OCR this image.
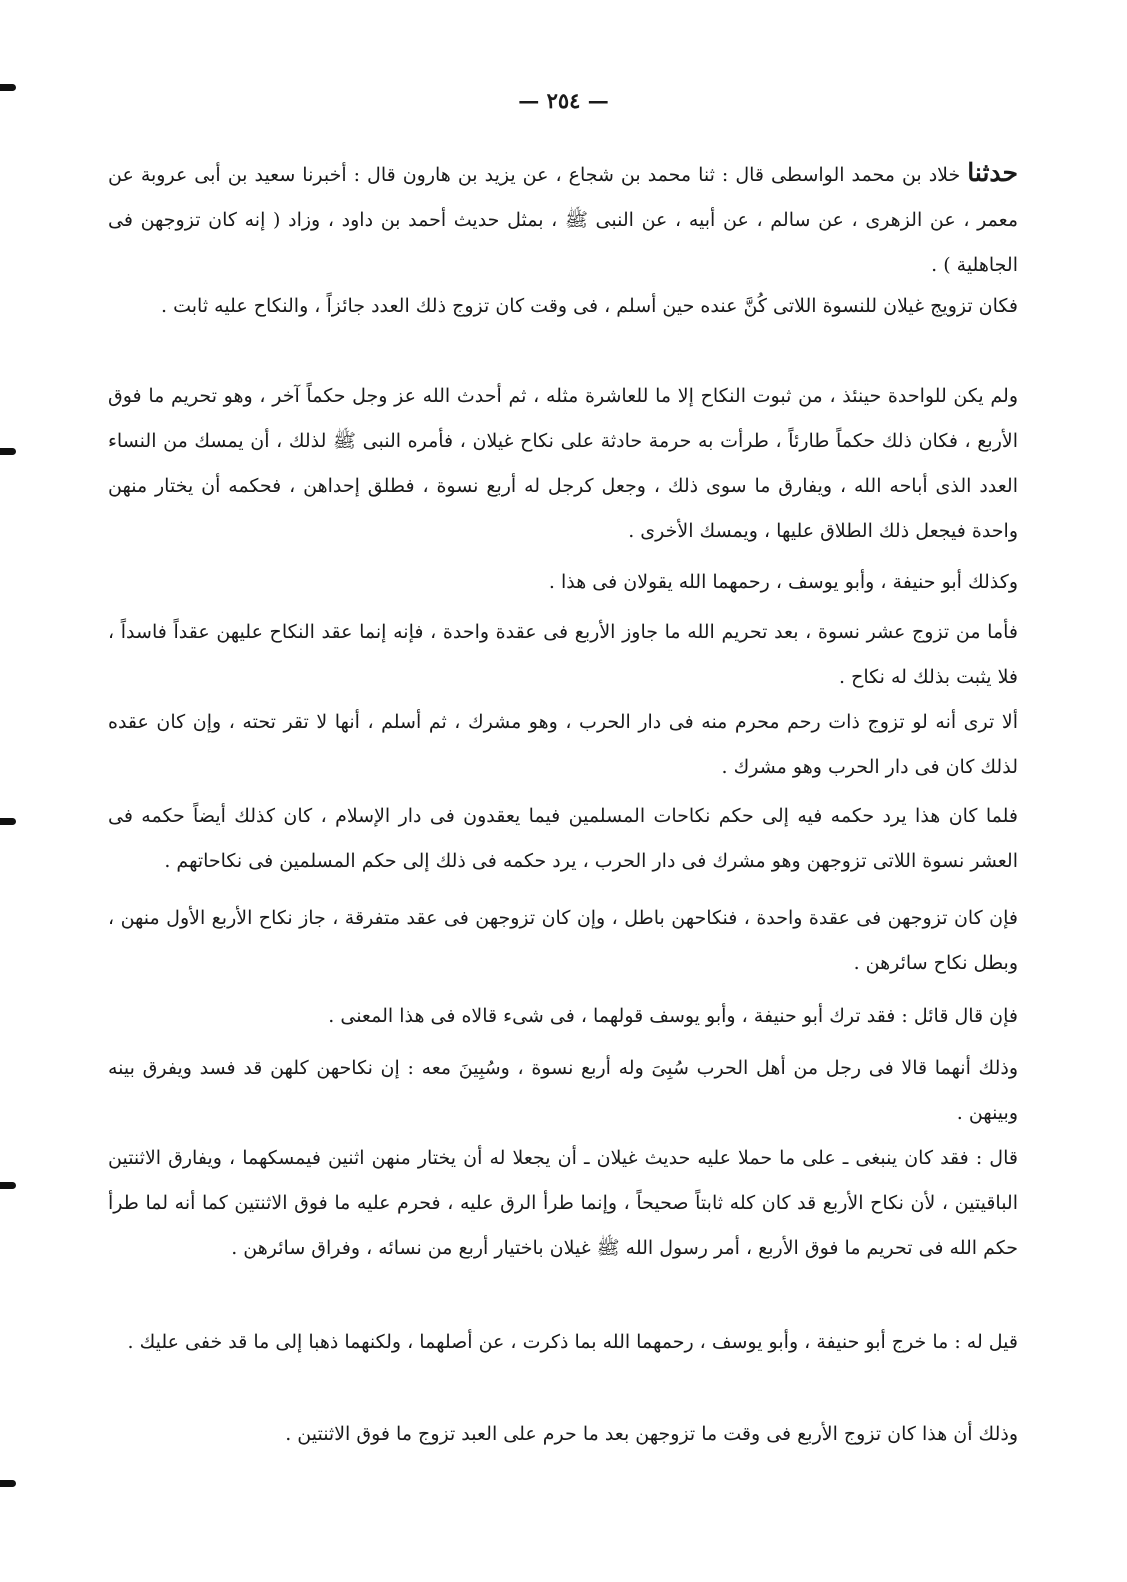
— ٢٥٤ —
حدثنا خلاد بن محمد الواسطى قال : ثنا محمد بن شجاع ، عن يزيد بن هارون قال : أخبرنا سعيد بن أبى عروبة عن معمر ، عن الزهرى ، عن سالم ، عن أبيه ، عن النبى ﷺ ، بمثل حديث أحمد بن داود ، وزاد ( إنه كان تزوجهن فى الجاهلية ) .
فكان تزويج غيلان للنسوة اللاتى كُنَّ عنده حين أسلم ، فى وقت كان تزوج ذلك العدد جائزاً ، والنكاح عليه ثابت .
ولم يكن للواحدة حينئذ ، من ثبوت النكاح إلا ما للعاشرة مثله ، ثم أحدث الله عز وجل حكماً آخر ، وهو تحريم ما فوق الأربع ، فكان ذلك حكماً طارئاً ، طرأت به حرمة حادثة على نكاح غيلان ، فأمره النبى ﷺ لذلك ، أن يمسك من النساء العدد الذى أباحه الله ، ويفارق ما سوى ذلك ، وجعل كرجل له أربع نسوة ، فطلق إحداهن ، فحكمه أن يختار منهن واحدة فيجعل ذلك الطلاق عليها ، ويمسك الأخرى .
وكذلك أبو حنيفة ، وأبو يوسف ، رحمهما الله يقولان فى هذا .
فأما من تزوج عشر نسوة ، بعد تحريم الله ما جاوز الأربع فى عقدة واحدة ، فإنه إنما عقد النكاح عليهن عقداً فاسداً ، فلا يثبت بذلك له نكاح .
ألا ترى أنه لو تزوج ذات رحم محرم منه فى دار الحرب ، وهو مشرك ، ثم أسلم ، أنها لا تقر تحته ، وإن كان عقده لذلك كان فى دار الحرب وهو مشرك .
فلما كان هذا يرد حكمه فيه إلى حكم نكاحات المسلمين فيما يعقدون فى دار الإسلام ، كان كذلك أيضاً حكمه فى العشر نسوة اللاتى تزوجهن وهو مشرك فى دار الحرب ، يرد حكمه فى ذلك إلى حكم المسلمين فى نكاحاتهم .
فإن كان تزوجهن فى عقدة واحدة ، فنكاحهن باطل ، وإن كان تزوجهن فى عقد متفرقة ، جاز نكاح الأربع الأول منهن ، وبطل نكاح سائرهن .
فإن قال قائل : فقد ترك أبو حنيفة ، وأبو يوسف قولهما ، فى شىء قالاه فى هذا المعنى .
وذلك أنهما قالا فى رجل من أهل الحرب سُبِىَ وله أربع نسوة ، وسُبِينَ معه : إن نكاحهن كلهن قد فسد ويفرق بينه وبينهن .
قال : فقد كان ينبغى ـ على ما حملا عليه حديث غيلان ـ أن يجعلا له أن يختار منهن اثنين فيمسكهما ، ويفارق الاثنتين الباقيتين ، لأن نكاح الأربع قد كان كله ثابتاً صحيحاً ، وإنما طرأ الرق عليه ، فحرم عليه ما فوق الاثنتين كما أنه لما طرأ حكم الله فى تحريم ما فوق الأربع ، أمر رسول الله ﷺ غيلان باختيار أربع من نسائه ، وفراق سائرهن .
قيل له : ما خرج أبو حنيفة ، وأبو يوسف ، رحمهما الله بما ذكرت ، عن أصلهما ، ولكنهما ذهبا إلى ما قد خفى عليك .
وذلك أن هذا كان تزوج الأربع فى وقت ما تزوجهن بعد ما حرم على العبد تزوج ما فوق الاثنتين .
